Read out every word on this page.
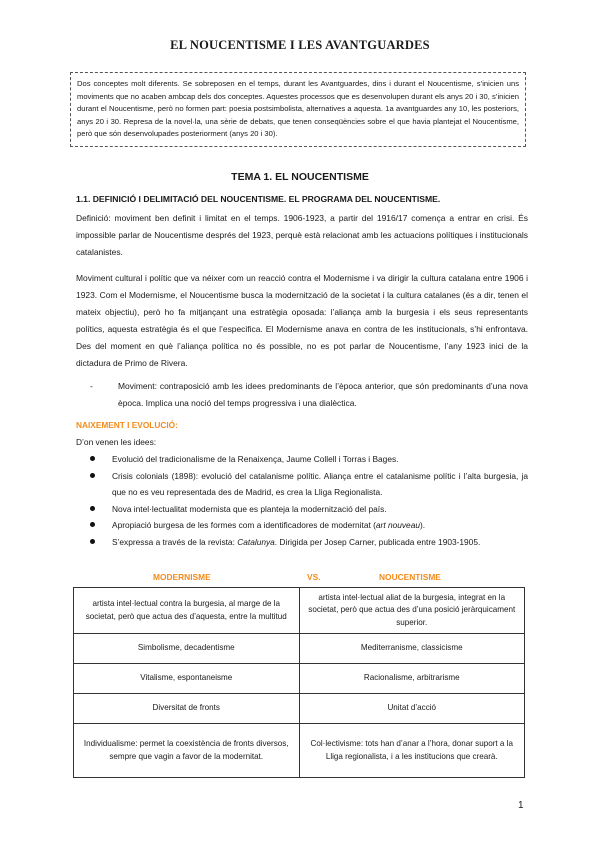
EL NOUCENTISME I LES AVANTGUARDES
Dos conceptes molt diferents. Se sobreposen en el temps, durant les Avantguardes, dins i durant el Noucentisme, s’inicien uns moviments que no acaben ambcap dels dos conceptes. Aquestes processos que es desenvolupen durant els anys 20 i 30, s’inicien durant el Noucentisme, però no formen part: poesia postsimbolista, alternatives a aquesta. 1a avantguardes any 10, les posteriors, anys 20 i 30. Represa de la novel·la, una sèrie de debats, que tenen conseqüències sobre el que havia plantejat el Noucentisme, però que són desenvolupades posteriorment (anys 20 i 30).
TEMA 1. EL NOUCENTISME
1.1. DEFINICIÓ I DELIMITACIÓ DEL NOUCENTISME. EL PROGRAMA DEL NOUCENTISME.

Definició: moviment ben definit i limitat en el temps. 1906-1923, a partir del 1916/17 comença a entrar en crisi. És impossible parlar de Noucentisme després del 1923, perquè està relacionat amb les actuacions polítiques i institucionals catalanistes.

Moviment cultural i polític que va néixer com un reacció contra el Modernisme i va dirigir la cultura catalana entre 1906 i 1923. Com el Modernisme, el Noucentisme busca la modernització de la societat i la cultura catalanes (és a dir, tenen el mateix objectiu), però ho fa mitjançant una estratègia oposada: l’aliança amb la burgesia i els seus representants polítics, aquesta estratègia és el que l’especifica. El Modernisme anava en contra de les institucionals, s’hi enfrontava. Des del moment en què l’aliança política no és possible, no es pot parlar de Noucentisme, l’any 1923 inici de la dictadura de Primo de Rivera.

-	Moviment: contraposició amb les idees predominants de l’època anterior, que són predominants d’una nova època. Implica una noció del temps progressiva i una dialèctica.
NAIXEMENT I EVOLUCIÓ:
D’on venen les idees:
Evolució del tradicionalisme de la Renaixença, Jaume Collell i Torras i Bages.
Crisis colonials (1898): evolució del catalanisme polític. Aliança entre el catalanisme polític i l’alta burgesia, ja que no es veu representada des de Madrid, es crea la Lliga Regionalista.
Nova intel·lectualitat modernista que es planteja la modernització del país.
Apropiació burgesa de les formes com a identificadores de modernitat (art nouveau).
S’expressa a través de la revista: Catalunya. Dirigida per Josep Carner, publicada entre 1903-1905.
MODERNISME	VS.	NOUCENTISME
artista intel·lectual contra la burgesia, al marge de la societat, però que actua des d’aquesta, entre la multitud	artista intel·lectual aliat de la burgesia, integrat en la societat, però que actua des d’una posició jeràrquicament superior.
Simbolisme, decadentisme	Mediterranisme, classicisme
Vitalisme, espontaneisme	Racionalisme, arbitrarisme
Diversitat de fronts	Unitat d’acció
Individualisme: permet la coexistència de fronts diversos, sempre que vagin a favor de la modernitat.	Col·lectivisme: tots han d’anar a l’hora, donar suport a la Lliga regionalista, i a les institucions que crearà.
1
